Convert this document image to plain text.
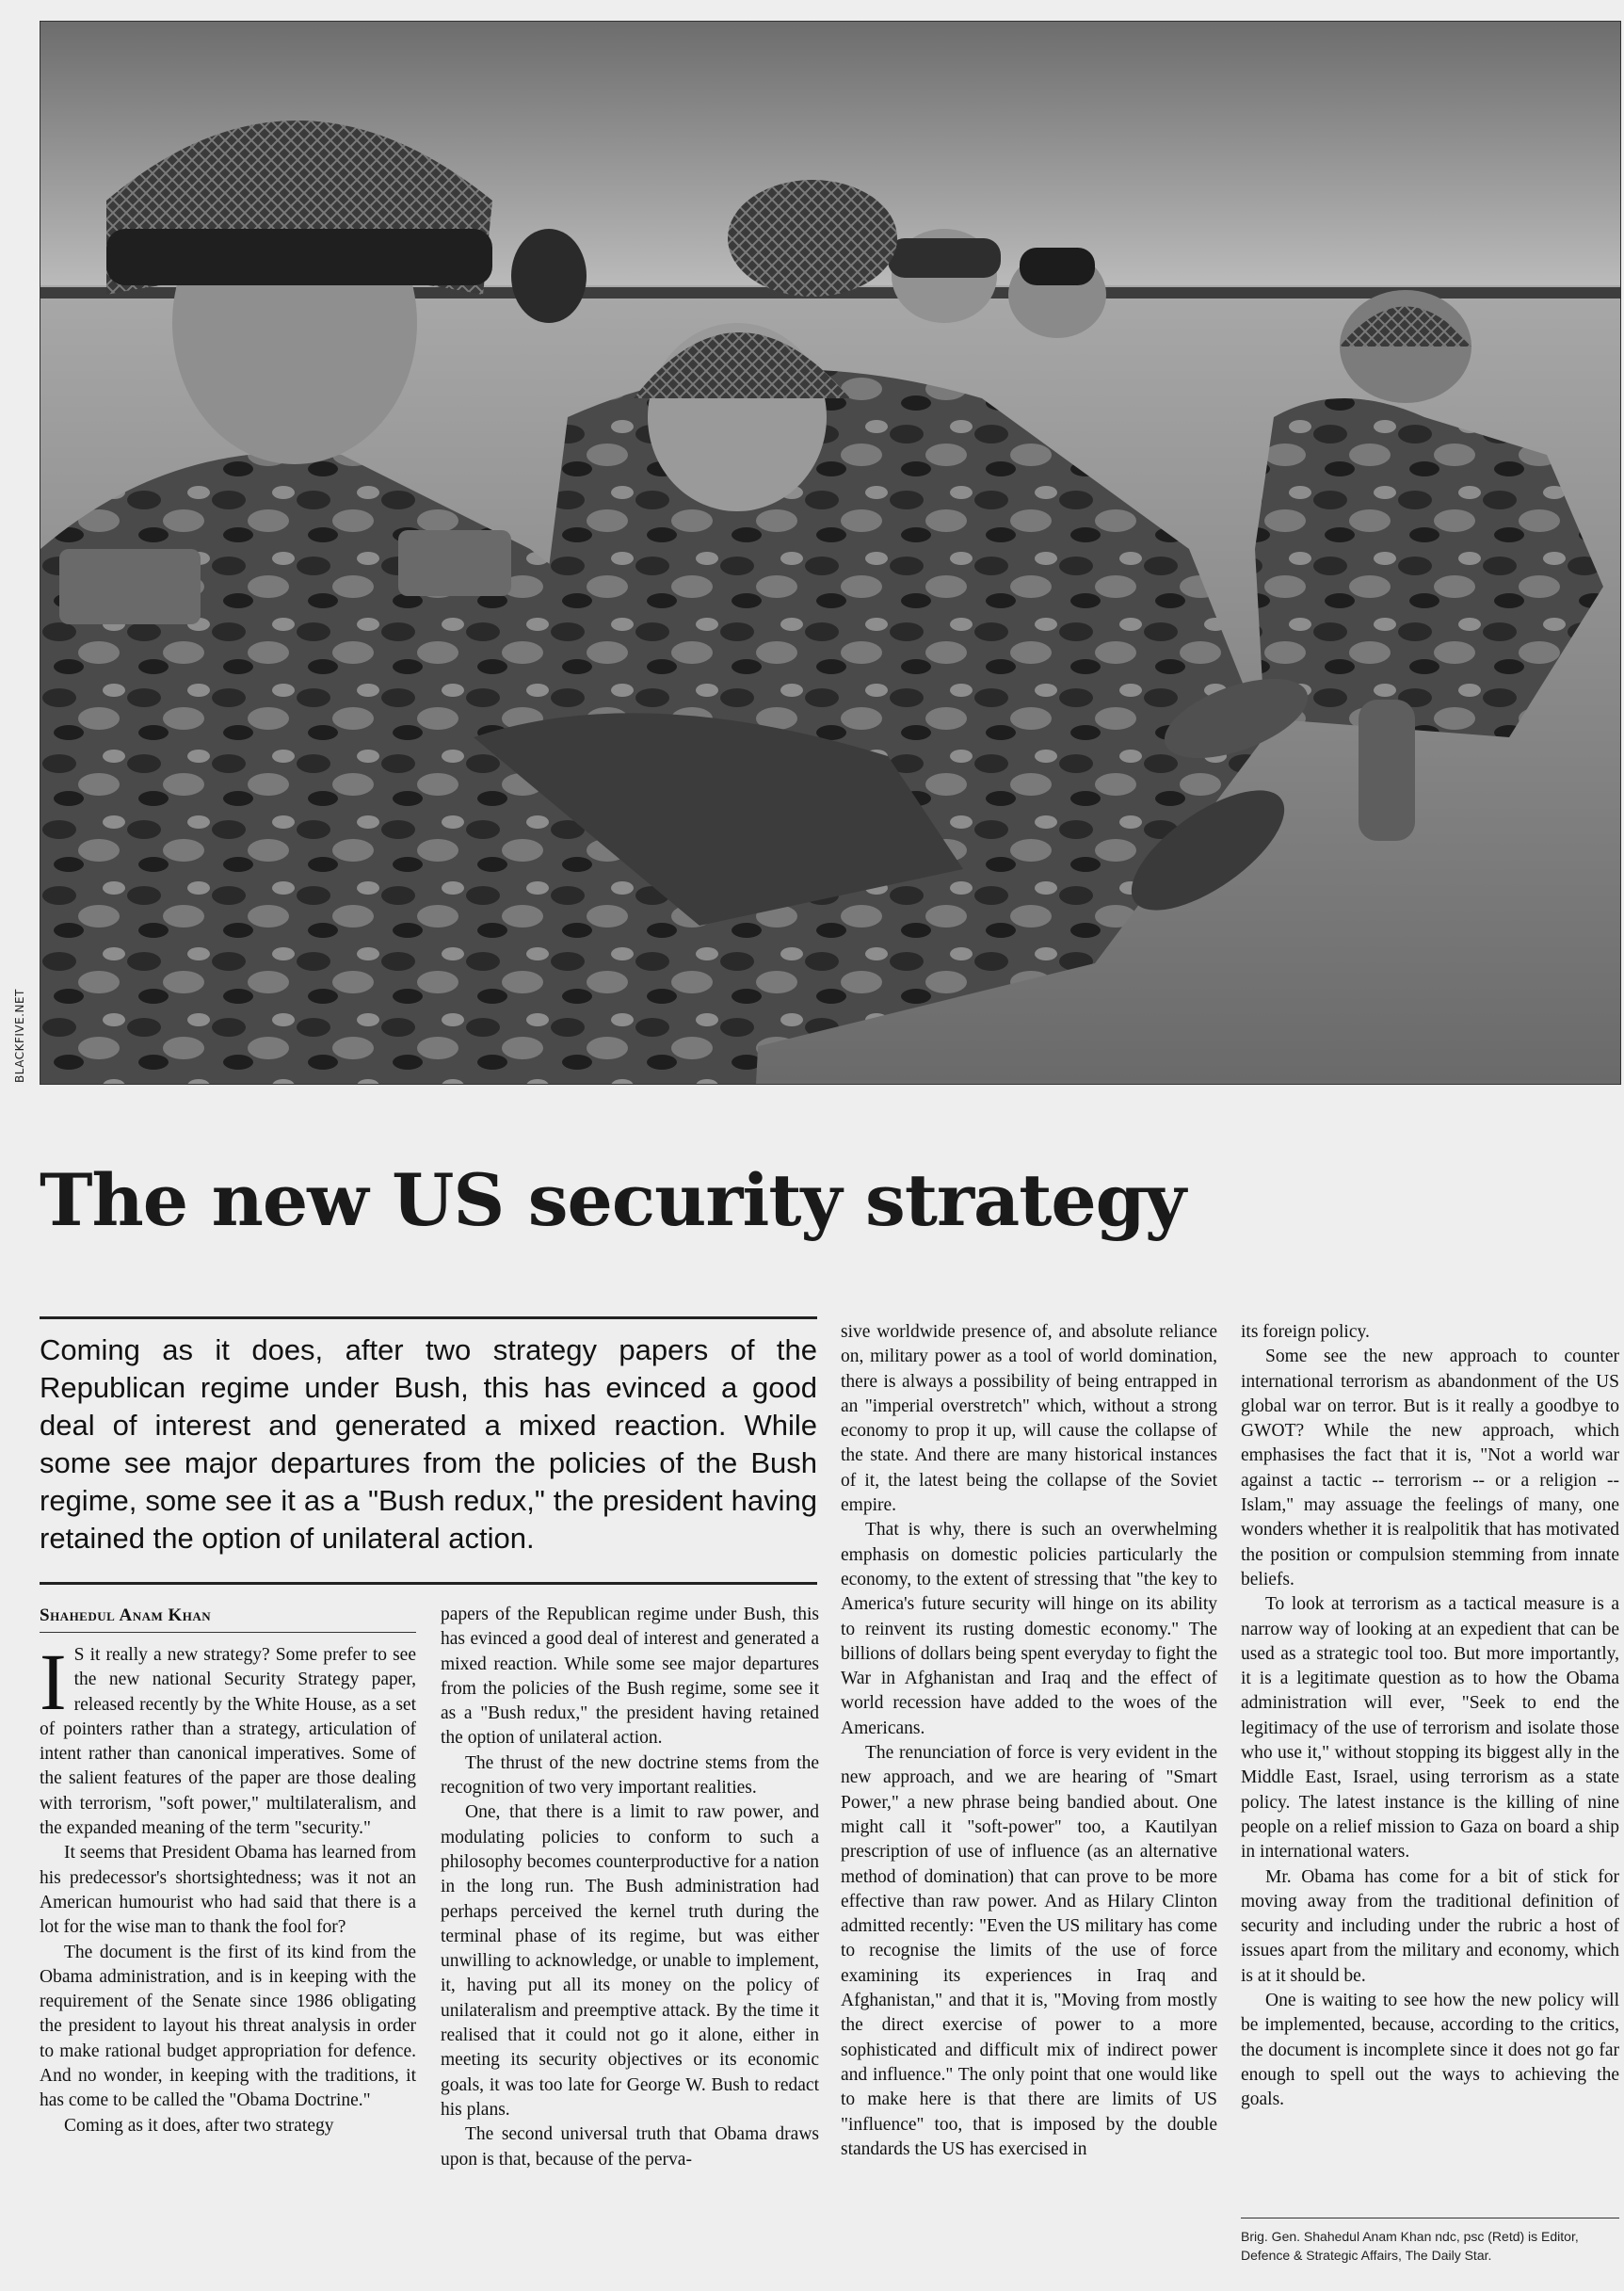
BLACKFIVE.NET
The new US security strategy

Coming as it does, after two strategy papers of the Republican regime under Bush, this has evinced a good deal of interest and generated a mixed reaction. While some see major departures from the policies of the Bush regime, some see it as a "Bush redux," the president having retained the option of unilateral action.

Shahedul Anam Khan

I S it really a new strategy? Some prefer to see the new national Security Strategy paper, released recently by the White House, as a set of pointers rather than a strategy, articulation of intent rather than canonical imperatives. Some of the salient features of the paper are those dealing with terrorism, "soft power," multilateralism, and the expanded meaning of the term "security."

It seems that President Obama has learned from his predecessor's shortsightedness; was it not an American humourist who had said that there is a lot for the wise man to thank the fool for?

The document is the first of its kind from the Obama administration, and is in keeping with the requirement of the Senate since 1986 obligating the president to layout his threat analysis in order to make rational budget appropriation for defence. And no wonder, in keeping with the traditions, it has come to be called the "Obama Doctrine."

Coming as it does, after two strategy

papers of the Republican regime under Bush, this has evinced a good deal of interest and generated a mixed reaction. While some see major departures from the policies of the Bush regime, some see it as a "Bush redux," the president having retained the option of unilateral action.

The thrust of the new doctrine stems from the recognition of two very important realities.

One, that there is a limit to raw power, and modulating policies to conform to such a philosophy becomes counterproductive for a nation in the long run. The Bush administration had perhaps perceived the kernel truth during the terminal phase of its regime, but was either unwilling to acknowledge, or unable to implement, it, having put all its money on the policy of unilateralism and preemptive attack. By the time it realised that it could not go it alone, either in meeting its security objectives or its economic goals, it was too late for George W. Bush to redact his plans.

The second universal truth that Obama draws upon is that, because of the perva-

sive worldwide presence of, and absolute reliance on, military power as a tool of world domination, there is always a possibility of being entrapped in an "imperial overstretch" which, without a strong economy to prop it up, will cause the collapse of the state. And there are many historical instances of it, the latest being the collapse of the Soviet empire.

That is why, there is such an overwhelming emphasis on domestic policies particularly the economy, to the extent of stressing that "the key to America's future security will hinge on its ability to reinvent its rusting domestic economy." The billions of dollars being spent everyday to fight the War in Afghanistan and Iraq and the effect of world recession have added to the woes of the Americans.

The renunciation of force is very evident in the new approach, and we are hearing of "Smart Power," a new phrase being bandied about. One might call it "soft-power" too, a Kautilyan prescription of use of influence (as an alternative method of domination) that can prove to be more effective than raw power. And as Hilary Clinton admitted recently: "Even the US military has come to recognise the limits of the use of force examining its experiences in Iraq and Afghanistan," and that it is, "Moving from mostly the direct exercise of power to a more sophisticated and difficult mix of indirect power and influence." The only point that one would like to make here is that there are limits of US "influence" too, that is imposed by the double standards the US has exercised in

its foreign policy.

Some see the new approach to counter international terrorism as abandonment of the US global war on terror. But is it really a goodbye to GWOT? While the new approach, which emphasises the fact that it is, "Not a world war against a tactic -- terrorism -- or a religion -- Islam," may assuage the feelings of many, one wonders whether it is realpolitik that has motivated the position or compulsion stemming from innate beliefs.

To look at terrorism as a tactical measure is a narrow way of looking at an expedient that can be used as a strategic tool too. But more importantly, it is a legitimate question as to how the Obama administration will ever, "Seek to end the legitimacy of the use of terrorism and isolate those who use it," without stopping its biggest ally in the Middle East, Israel, using terrorism as a state policy. The latest instance is the killing of nine people on a relief mission to Gaza on board a ship in international waters.

Mr. Obama has come for a bit of stick for moving away from the traditional definition of security and including under the rubric a host of issues apart from the military and economy, which is at it should be.

One is waiting to see how the new policy will be implemented, because, according to the critics, the document is incomplete since it does not go far enough to spell out the ways to achieving the goals.

Brig. Gen. Shahedul Anam Khan ndc, psc (Retd) is Editor, Defence & Strategic Affairs, The Daily Star.
